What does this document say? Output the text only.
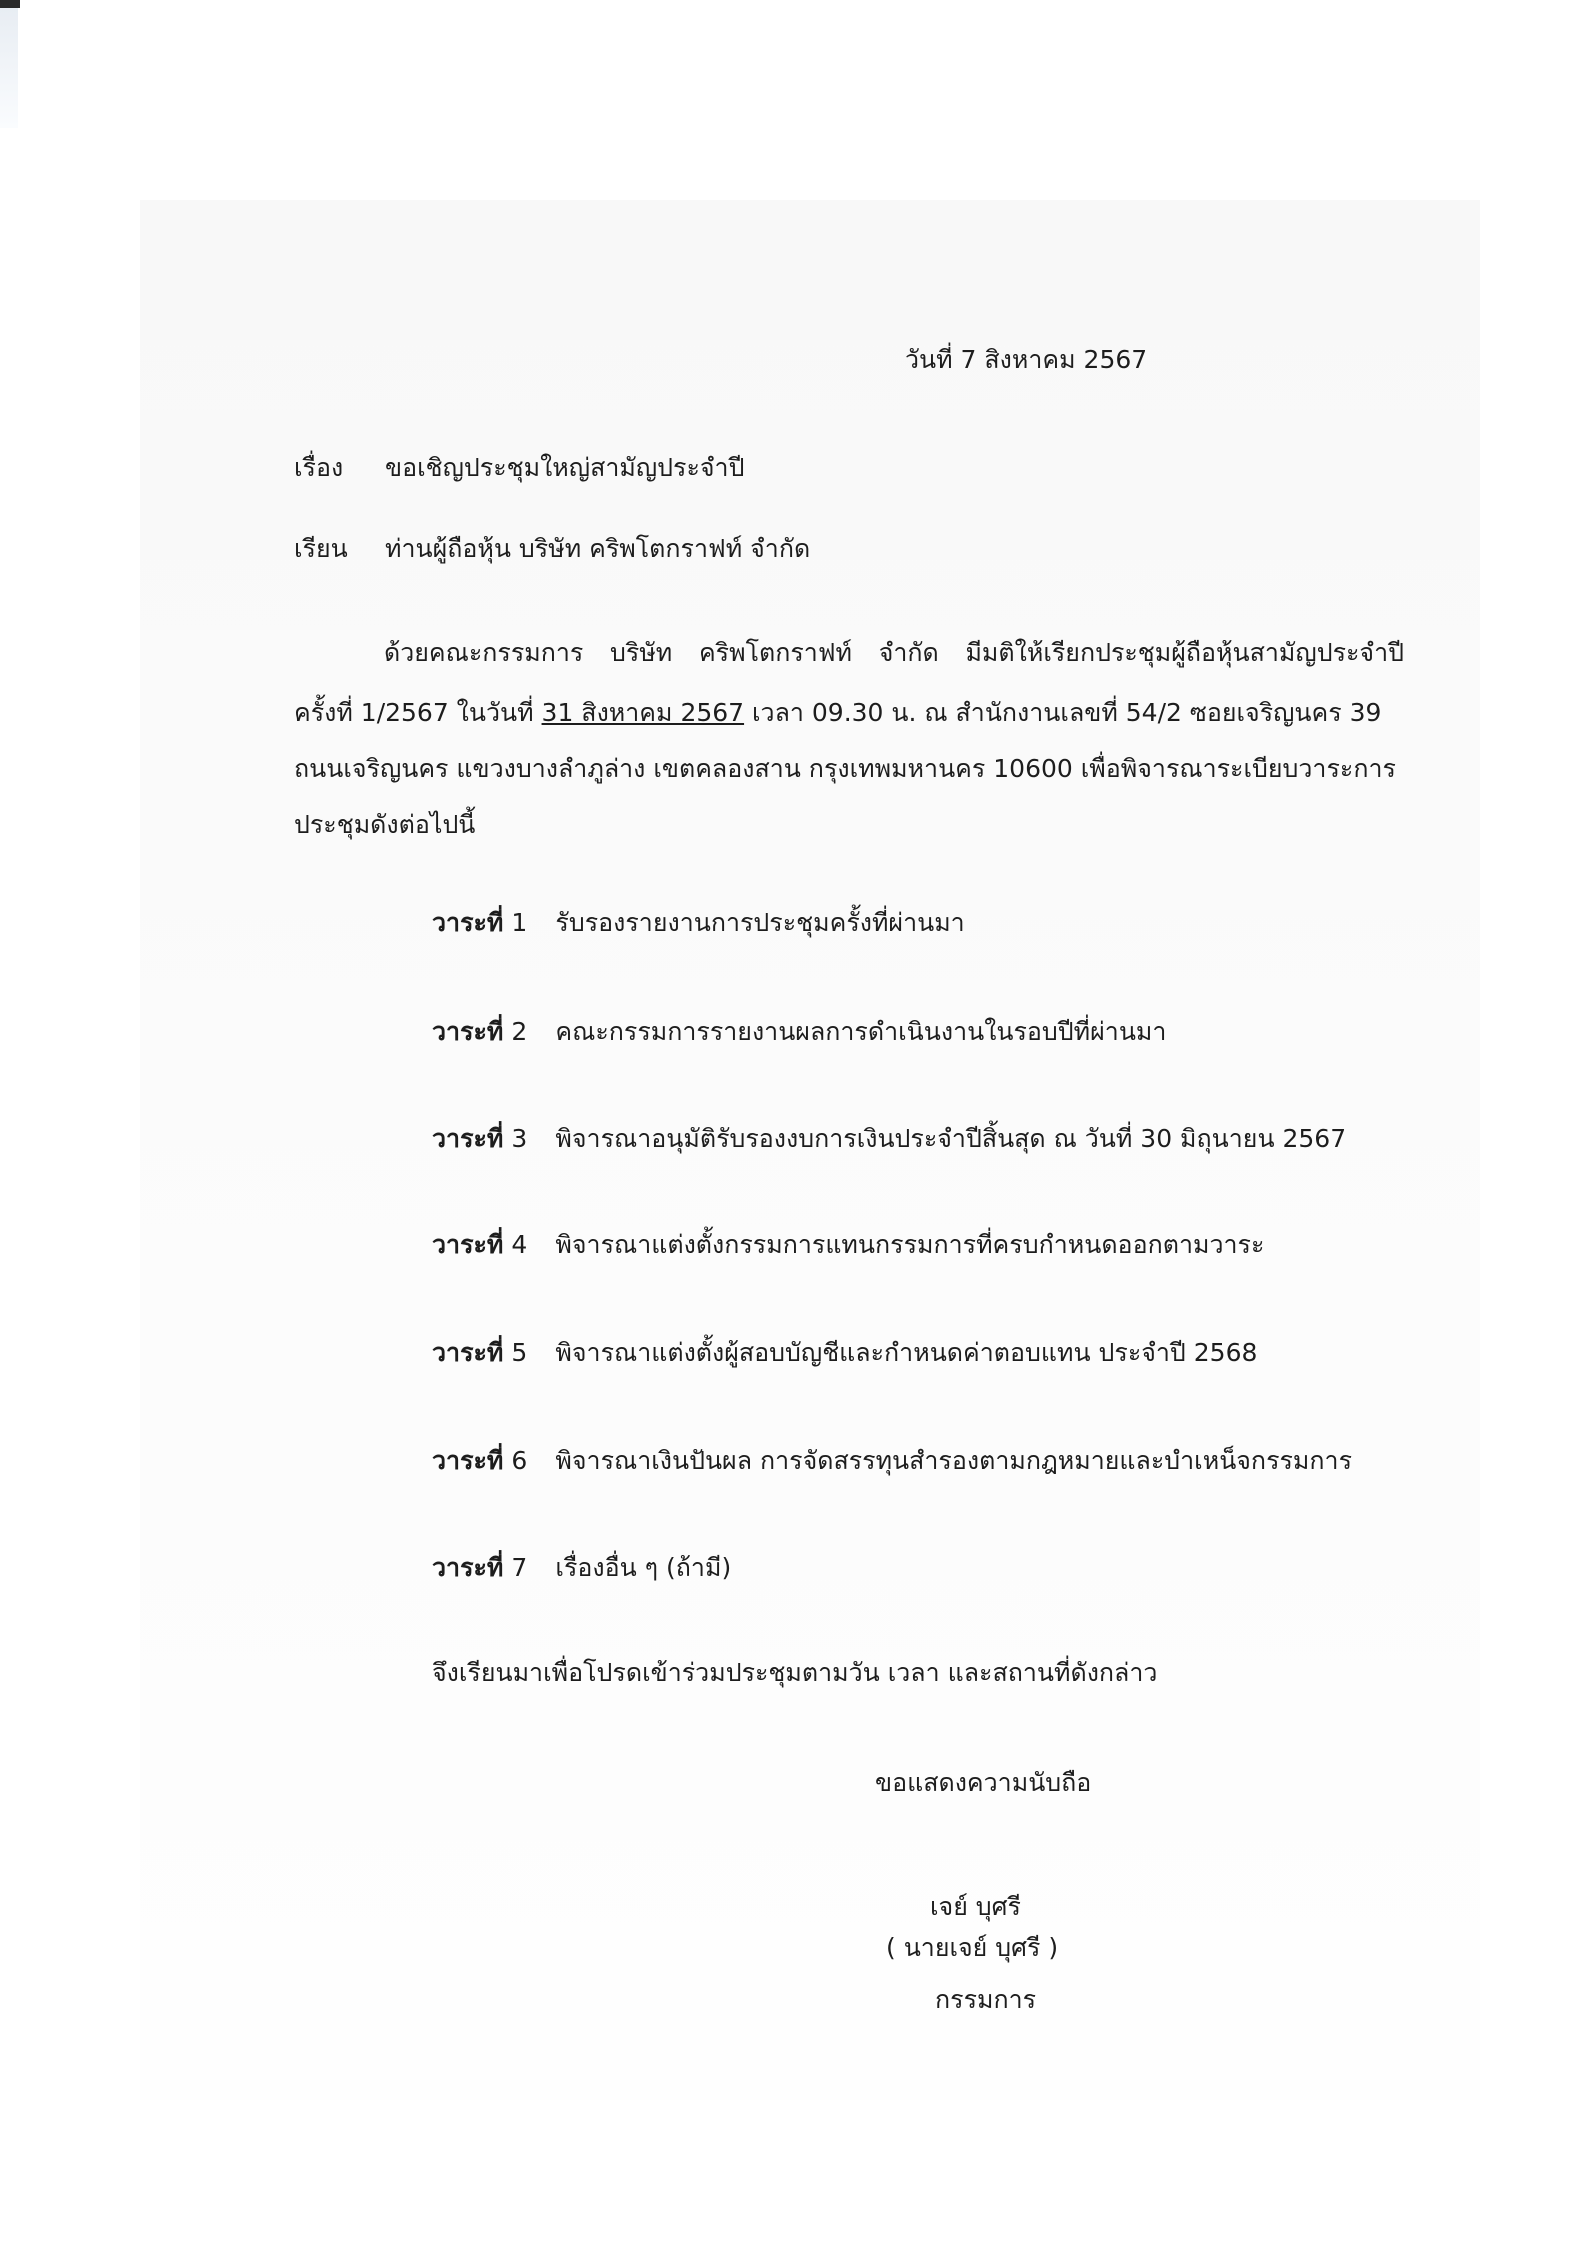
วันที่ 7 สิงหาคม 2567
เรื่อง ขอเชิญประชุมใหญ่สามัญประจำปี
เรียน ท่านผู้ถือหุ้น บริษัท คริพโตกราฟท์ จำกัด
ด้วยคณะกรรมการ บริษัท คริพโตกราฟท์ จำกัด มีมติให้เรียกประชุมผู้ถือหุ้นสามัญประจำปี
ครั้งที่ 1/2567 ในวันที่ 31 สิงหาคม 2567 เวลา 09.30 น. ณ สำนักงานเลขที่ 54/2 ซอยเจริญนคร 39
ถนนเจริญนคร แขวงบางลำภูล่าง เขตคลองสาน กรุงเทพมหานคร 10600 เพื่อพิจารณาระเบียบวาระการ
ประชุมดังต่อไปนี้
วาระที่ 1 รับรองรายงานการประชุมครั้งที่ผ่านมา
วาระที่ 2 คณะกรรมการรายงานผลการดำเนินงานในรอบปีที่ผ่านมา
วาระที่ 3 พิจารณาอนุมัติรับรองงบการเงินประจำปีสิ้นสุด ณ วันที่ 30 มิถุนายน 2567
วาระที่ 4 พิจารณาแต่งตั้งกรรมการแทนกรรมการที่ครบกำหนดออกตามวาระ
วาระที่ 5 พิจารณาแต่งตั้งผู้สอบบัญชีและกำหนดค่าตอบแทน ประจำปี 2568
วาระที่ 6 พิจารณาเงินปันผล การจัดสรรทุนสำรองตามกฎหมายและบำเหน็จกรรมการ
วาระที่ 7 เรื่องอื่น ๆ (ถ้ามี)
จึงเรียนมาเพื่อโปรดเข้าร่วมประชุมตามวัน เวลา และสถานที่ดังกล่าว
ขอแสดงความนับถือ
เจย์ บุศรี
( นายเจย์ บุศรี )
กรรมการ
